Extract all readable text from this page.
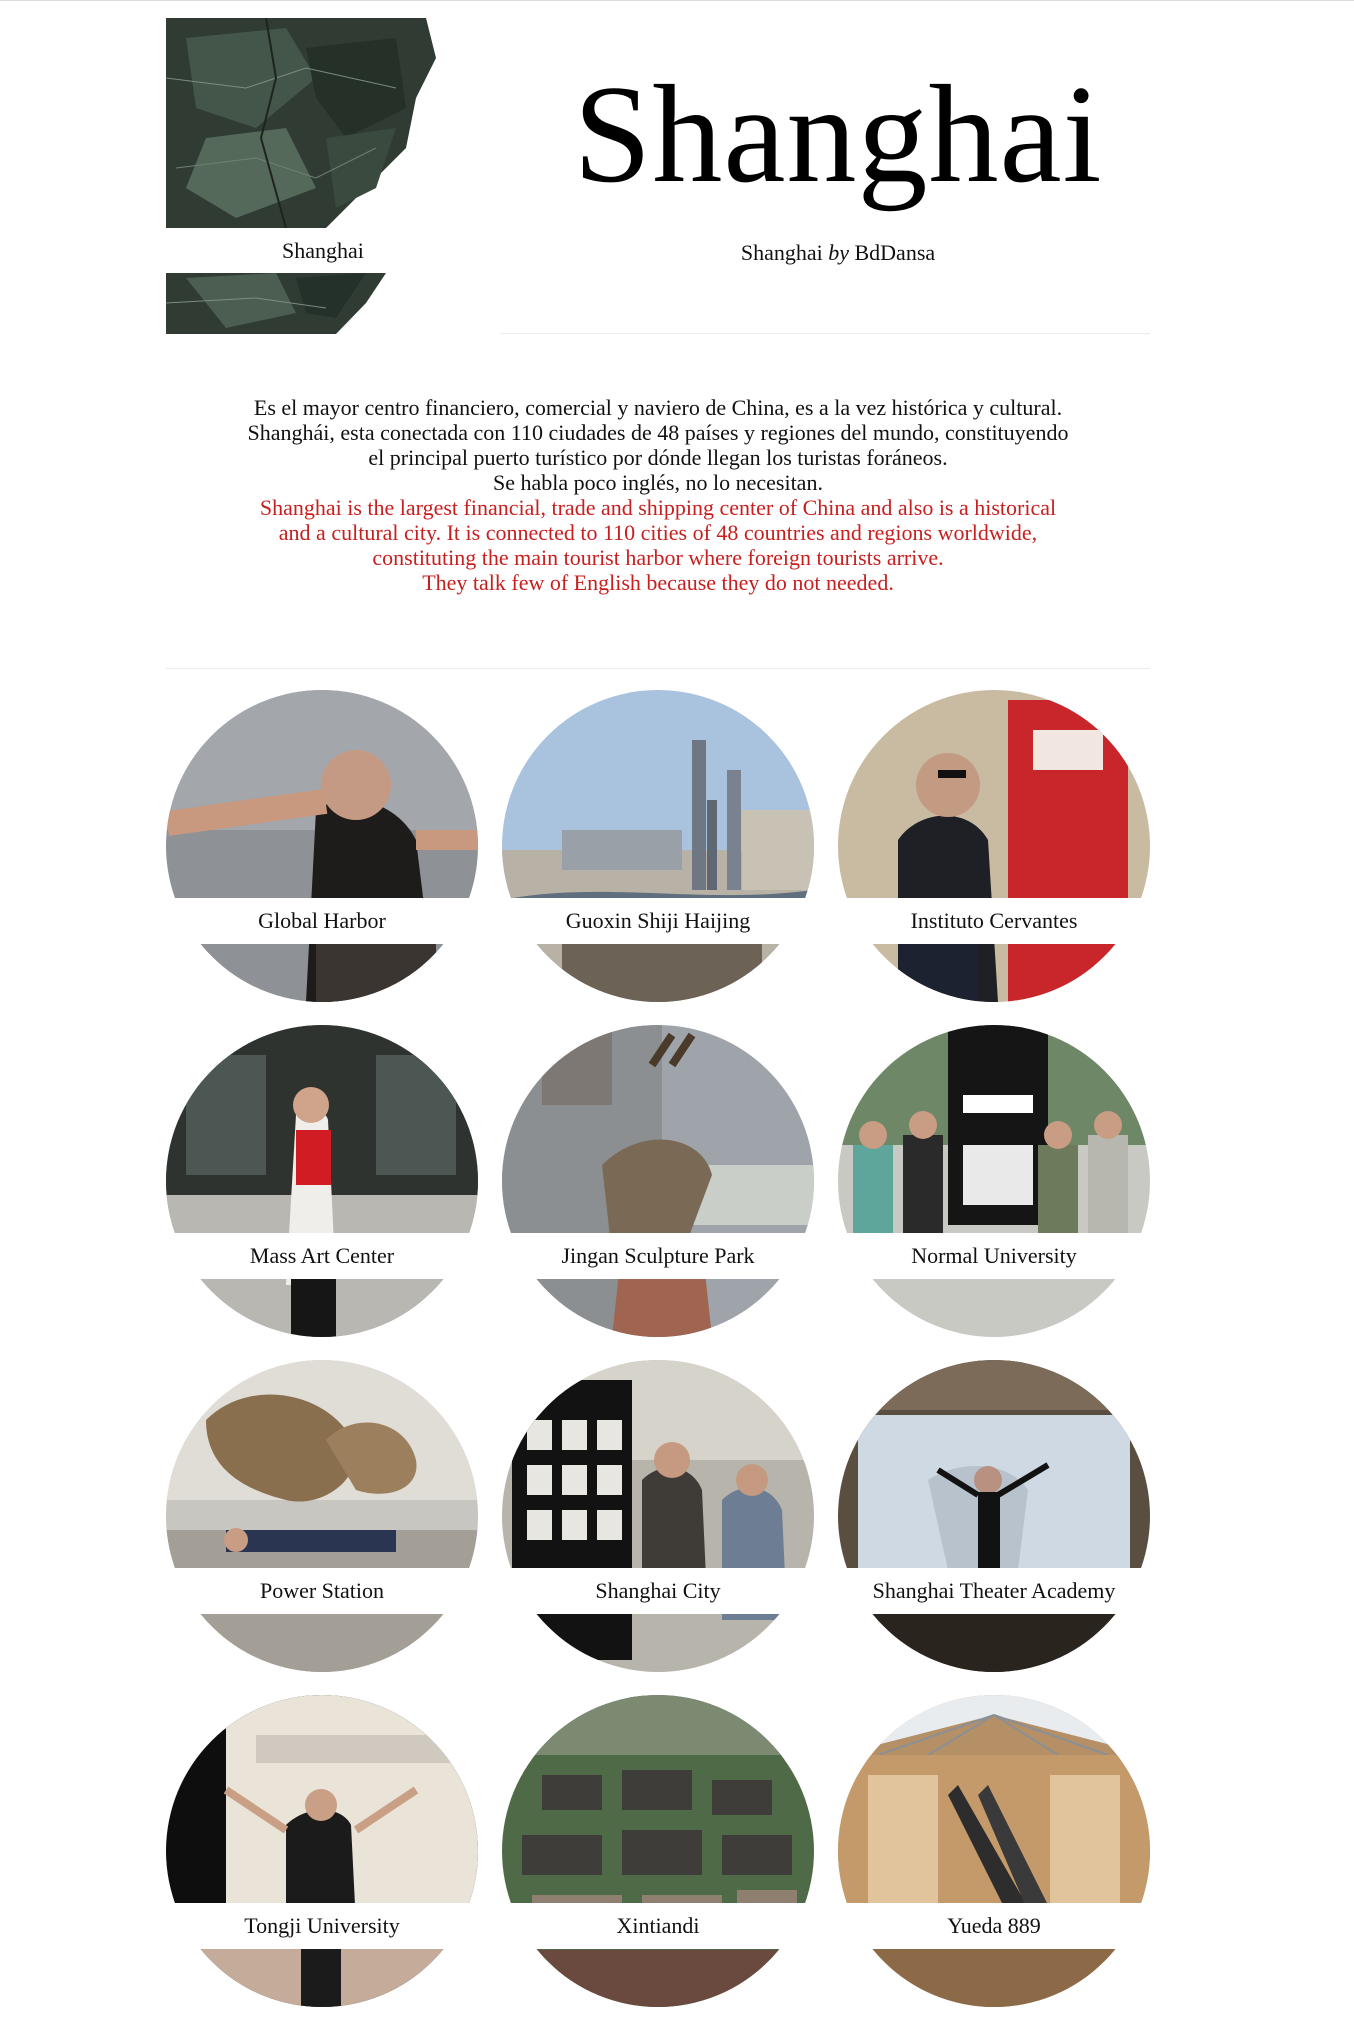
Shanghai
Shanghai
Shanghai by BdDansa

Es el mayor centro financiero, comercial y naviero de China, es a la vez histórica y cultural.

Shanghái, esta conectada con 110 ciudades de 48 países y regiones del mundo, constituyendo

el principal puerto turístico por dónde llegan los turistas foráneos.

Se habla poco inglés, no lo necesitan.

Shanghai is the largest financial, trade and shipping center of China and also is a historical

and a cultural city. It is connected to 110 cities of 48 countries and regions worldwide,

constituting the main tourist harbor where foreign tourists arrive.

They talk few of English because they do not needed.

Global Harbor	Guoxin Shiji Haijing	Instituto Cervantes
Mass Art Center	Jingan Sculpture Park	Normal University
Power Station	Shanghai City	Shanghai Theater Academy
Tongji University	Xintiandi	Yueda 889
